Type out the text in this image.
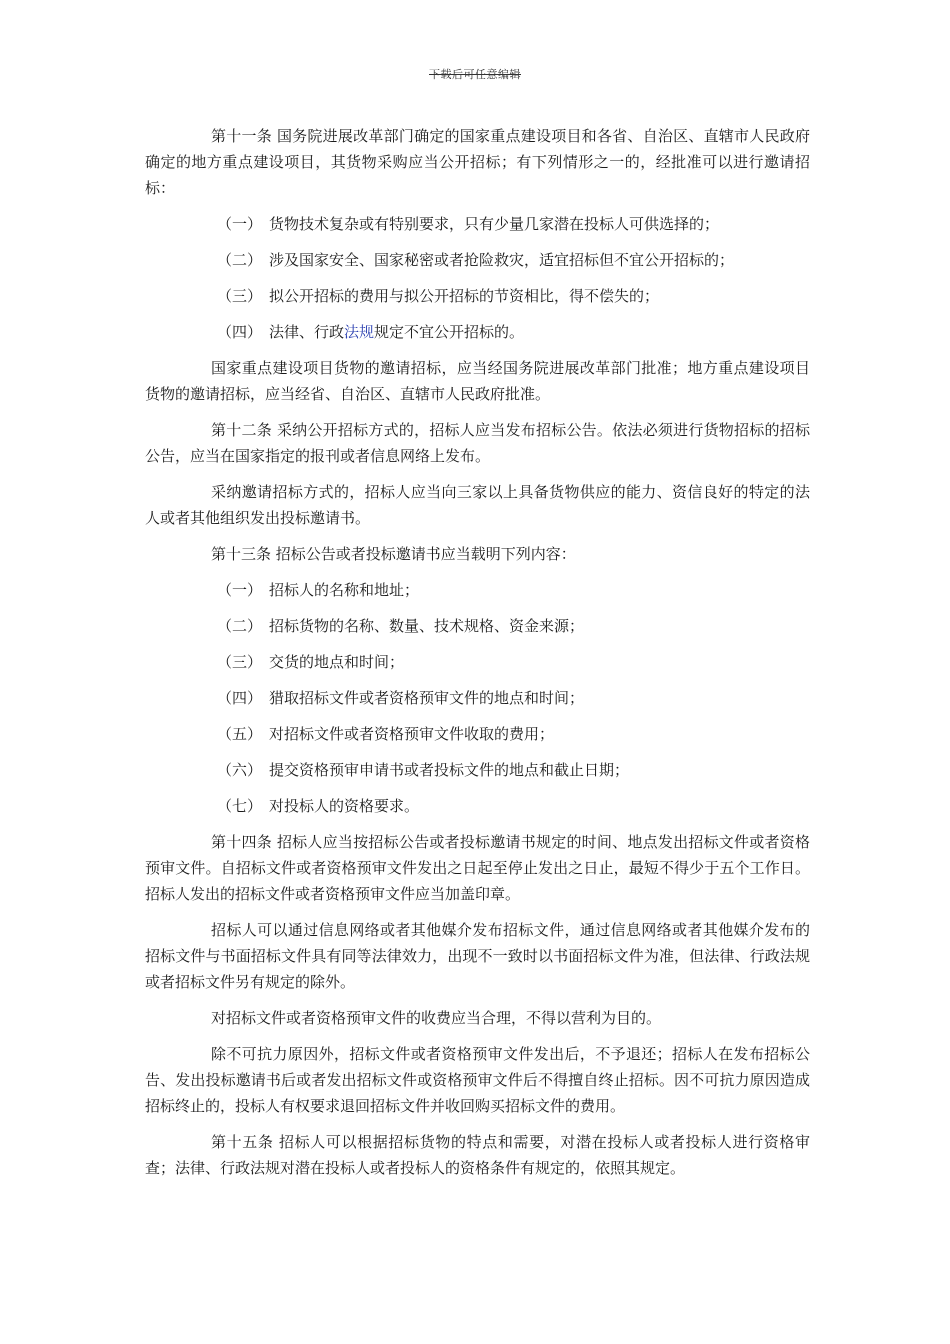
下载后可任意编辑

第十一条 国务院进展改革部门确定的国家重点建设项目和各省、自治区、直辖市人民政府确定的地方重点建设项目，其货物采购应当公开招标；有下列情形之一的，经批准可以进行邀请招标：

（一） 货物技术复杂或有特别要求，只有少量几家潜在投标人可供选择的；
（二） 涉及国家安全、国家秘密或者抢险救灾，适宜招标但不宜公开招标的；
（三） 拟公开招标的费用与拟公开招标的节资相比，得不偿失的；
（四） 法律、行政法规规定不宜公开招标的。

国家重点建设项目货物的邀请招标，应当经国务院进展改革部门批准；地方重点建设项目货物的邀请招标，应当经省、自治区、直辖市人民政府批准。

第十二条 采纳公开招标方式的，招标人应当发布招标公告。依法必须进行货物招标的招标公告，应当在国家指定的报刊或者信息网络上发布。

采纳邀请招标方式的，招标人应当向三家以上具备货物供应的能力、资信良好的特定的法人或者其他组织发出投标邀请书。

第十三条 招标公告或者投标邀请书应当载明下列内容：

（一） 招标人的名称和地址；
（二） 招标货物的名称、数量、技术规格、资金来源；
（三） 交货的地点和时间；
（四） 猎取招标文件或者资格预审文件的地点和时间；
（五） 对招标文件或者资格预审文件收取的费用；
（六） 提交资格预审申请书或者投标文件的地点和截止日期；
（七） 对投标人的资格要求。

第十四条 招标人应当按招标公告或者投标邀请书规定的时间、地点发出招标文件或者资格预审文件。自招标文件或者资格预审文件发出之日起至停止发出之日止，最短不得少于五个工作日。招标人发出的招标文件或者资格预审文件应当加盖印章。

招标人可以通过信息网络或者其他媒介发布招标文件，通过信息网络或者其他媒介发布的招标文件与书面招标文件具有同等法律效力，出现不一致时以书面招标文件为准，但法律、行政法规或者招标文件另有规定的除外。

对招标文件或者资格预审文件的收费应当合理，不得以营利为目的。

除不可抗力原因外，招标文件或者资格预审文件发出后，不予退还；招标人在发布招标公告、发出投标邀请书后或者发出招标文件或资格预审文件后不得擅自终止招标。因不可抗力原因造成招标终止的，投标人有权要求退回招标文件并收回购买招标文件的费用。

第十五条 招标人可以根据招标货物的特点和需要，对潜在投标人或者投标人进行资格审查；法律、行政法规对潜在投标人或者投标人的资格条件有规定的，依照其规定。
